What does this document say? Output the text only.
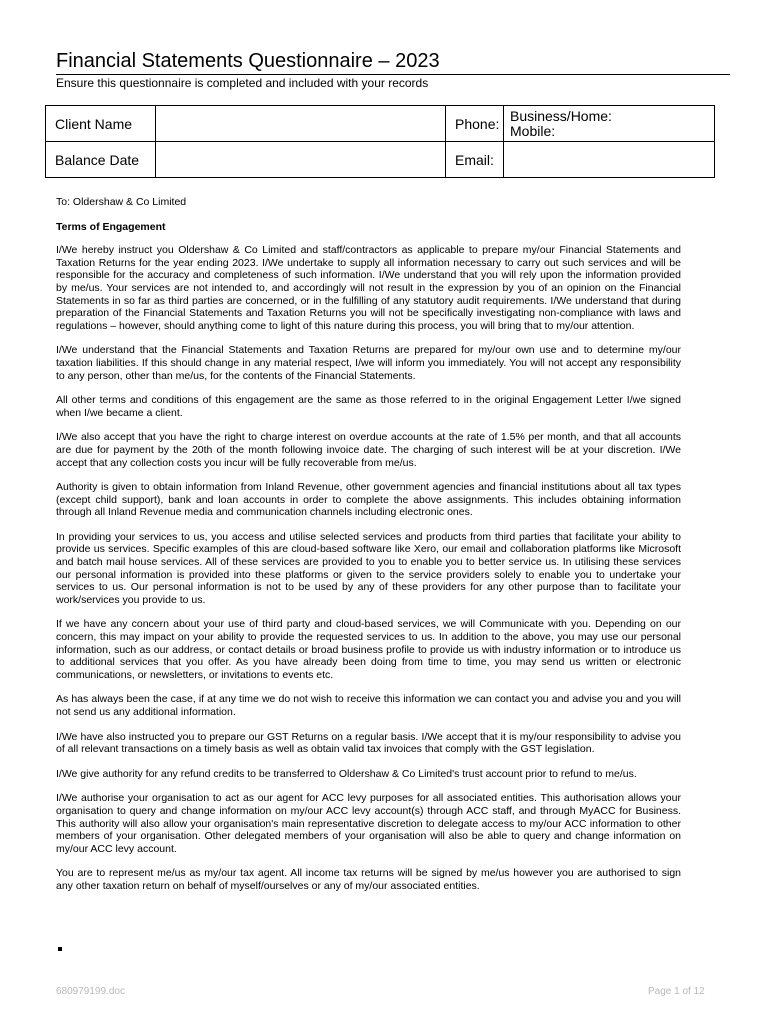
Financial Statements Questionnaire – 2023
Ensure this questionnaire is completed and included with your records
Client Name		Phone:	Business/Home:
Mobile:

Balance Date		Email:	

To: Oldershaw & Co Limited

Terms of Engagement

I/We hereby instruct you Oldershaw & Co Limited and staff/contractors as applicable to prepare my/our Financial Statements and Taxation Returns for the year ending 2023. I/We undertake to supply all information necessary to carry out such services and will be responsible for the accuracy and completeness of such information. I/We understand that you will rely upon the information provided by me/us. Your services are not intended to, and accordingly will not result in the expression by you of an opinion on the Financial Statements in so far as third parties are concerned, or in the fulfilling of any statutory audit requirements. I/We understand that during preparation of the Financial Statements and Taxation Returns you will not be specifically investigating non-compliance with laws and regulations – however, should anything come to light of this nature during this process, you will bring that to my/our attention.

I/We understand that the Financial Statements and Taxation Returns are prepared for my/our own use and to determine my/our taxation liabilities. If this should change in any material respect, I/we will inform you immediately. You will not accept any responsibility to any person, other than me/us, for the contents of the Financial Statements.

All other terms and conditions of this engagement are the same as those referred to in the original Engagement Letter I/we signed when I/we became a client.

I/We also accept that you have the right to charge interest on overdue accounts at the rate of 1.5% per month, and that all accounts are due for payment by the 20th of the month following invoice date. The charging of such interest will be at your discretion. I/We accept that any collection costs you incur will be fully recoverable from me/us.

Authority is given to obtain information from Inland Revenue, other government agencies and financial institutions about all tax types (except child support), bank and loan accounts in order to complete the above assignments. This includes obtaining information through all Inland Revenue media and communication channels including electronic ones.

In providing your services to us, you access and utilise selected services and products from third parties that facilitate your ability to provide us services. Specific examples of this are cloud-based software like Xero, our email and collaboration platforms like Microsoft and batch mail house services. All of these services are provided to you to enable you to better service us. In utilising these services our personal information is provided into these platforms or given to the service providers solely to enable you to undertake your services to us. Our personal information is not to be used by any of these providers for any other purpose than to facilitate your work/services you provide to us.

If we have any concern about your use of third party and cloud-based services, we will Communicate with you. Depending on our concern, this may impact on your ability to provide the requested services to us. In addition to the above, you may use our personal information, such as our address, or contact details or broad business profile to provide us with industry information or to introduce us to additional services that you offer. As you have already been doing from time to time, you may send us written or electronic communications, or newsletters, or invitations to events etc.

As has always been the case, if at any time we do not wish to receive this information we can contact you and advise you and you will not send us any additional information.

I/We have also instructed you to prepare our GST Returns on a regular basis. I/We accept that it is my/our responsibility to advise you of all relevant transactions on a timely basis as well as obtain valid tax invoices that comply with the GST legislation.

I/We give authority for any refund credits to be transferred to Oldershaw & Co Limited's trust account prior to refund to me/us.

I/We authorise your organisation to act as our agent for ACC levy purposes for all associated entities. This authorisation allows your organisation to query and change information on my/our ACC levy account(s) through ACC staff, and through MyACC for Business. This authority will also allow your organisation's main representative discretion to delegate access to my/our ACC information to other members of your organisation. Other delegated members of your organisation will also be able to query and change information on my/our ACC levy account.

You are to represent me/us as my/our tax agent. All income tax returns will be signed by me/us however you are authorised to sign any other taxation return on behalf of myself/ourselves or any of my/our associated entities.

680979199.doc	Page 1 of 12
